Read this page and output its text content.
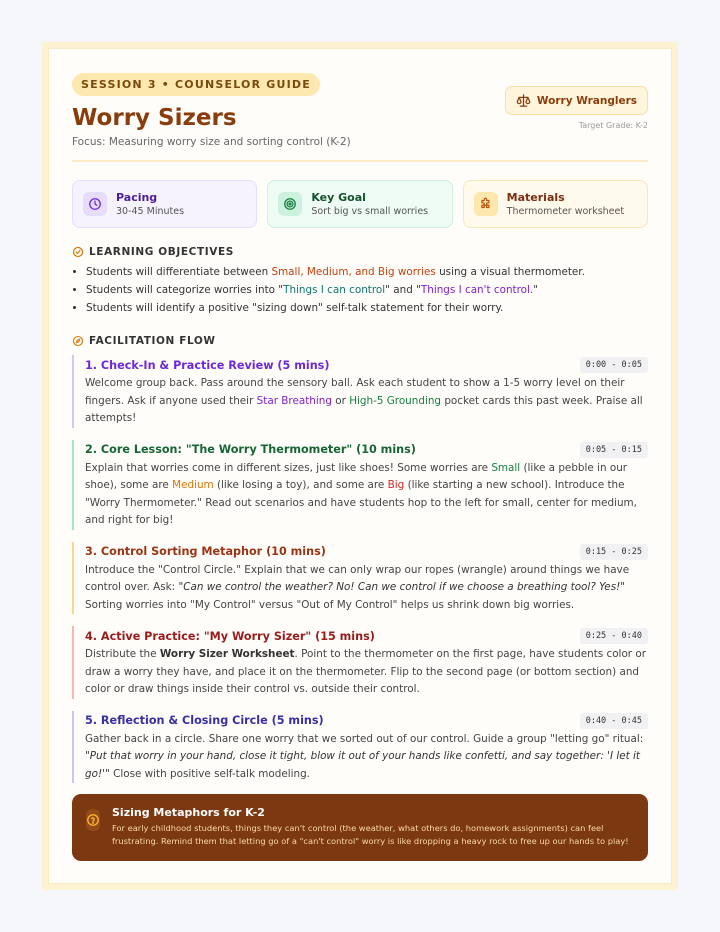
SESSION 3 • COUNSELOR GUIDE
Worry Sizers
Focus: Measuring worry size and sorting control (K-2)
Worry Wranglers
Target Grade: K-2
Pacing
30-45 Minutes
Key Goal
Sort big vs small worries
Materials
Thermometer worksheet
LEARNING OBJECTIVES
• Students will differentiate between Small, Medium, and Big worries using a visual thermometer.
• Students will categorize worries into "Things I can control" and "Things I can't control."
• Students will identify a positive "sizing down" self-talk statement for their worry.
FACILITATION FLOW
1. Check-In & Practice Review (5 mins)	0:00 - 0:05
Welcome group back. Pass around the sensory ball. Ask each student to show a 1-5 worry level on their fingers. Ask if anyone used their Star Breathing or High-5 Grounding pocket cards this past week. Praise all attempts!
2. Core Lesson: "The Worry Thermometer" (10 mins)	0:05 - 0:15
Explain that worries come in different sizes, just like shoes! Some worries are Small (like a pebble in our shoe), some are Medium (like losing a toy), and some are Big (like starting a new school). Introduce the "Worry Thermometer." Read out scenarios and have students hop to the left for small, center for medium, and right for big!
3. Control Sorting Metaphor (10 mins)	0:15 - 0:25
Introduce the "Control Circle." Explain that we can only wrap our ropes (wrangle) around things we have control over. Ask: "Can we control the weather? No! Can we control if we choose a breathing tool? Yes!" Sorting worries into "My Control" versus "Out of My Control" helps us shrink down big worries.
4. Active Practice: "My Worry Sizer" (15 mins)	0:25 - 0:40
Distribute the Worry Sizer Worksheet. Point to the thermometer on the first page, have students color or draw a worry they have, and place it on the thermometer. Flip to the second page (or bottom section) and color or draw things inside their control vs. outside their control.
5. Reflection & Closing Circle (5 mins)	0:40 - 0:45
Gather back in a circle. Share one worry that we sorted out of our control. Guide a group "letting go" ritual: "Put that worry in your hand, close it tight, blow it out of your hands like confetti, and say together: 'I let it go!'" Close with positive self-talk modeling.
Sizing Metaphors for K-2
For early childhood students, things they can't control (the weather, what others do, homework assignments) can feel frustrating. Remind them that letting go of a "can't control" worry is like dropping a heavy rock to free up our hands to play!
